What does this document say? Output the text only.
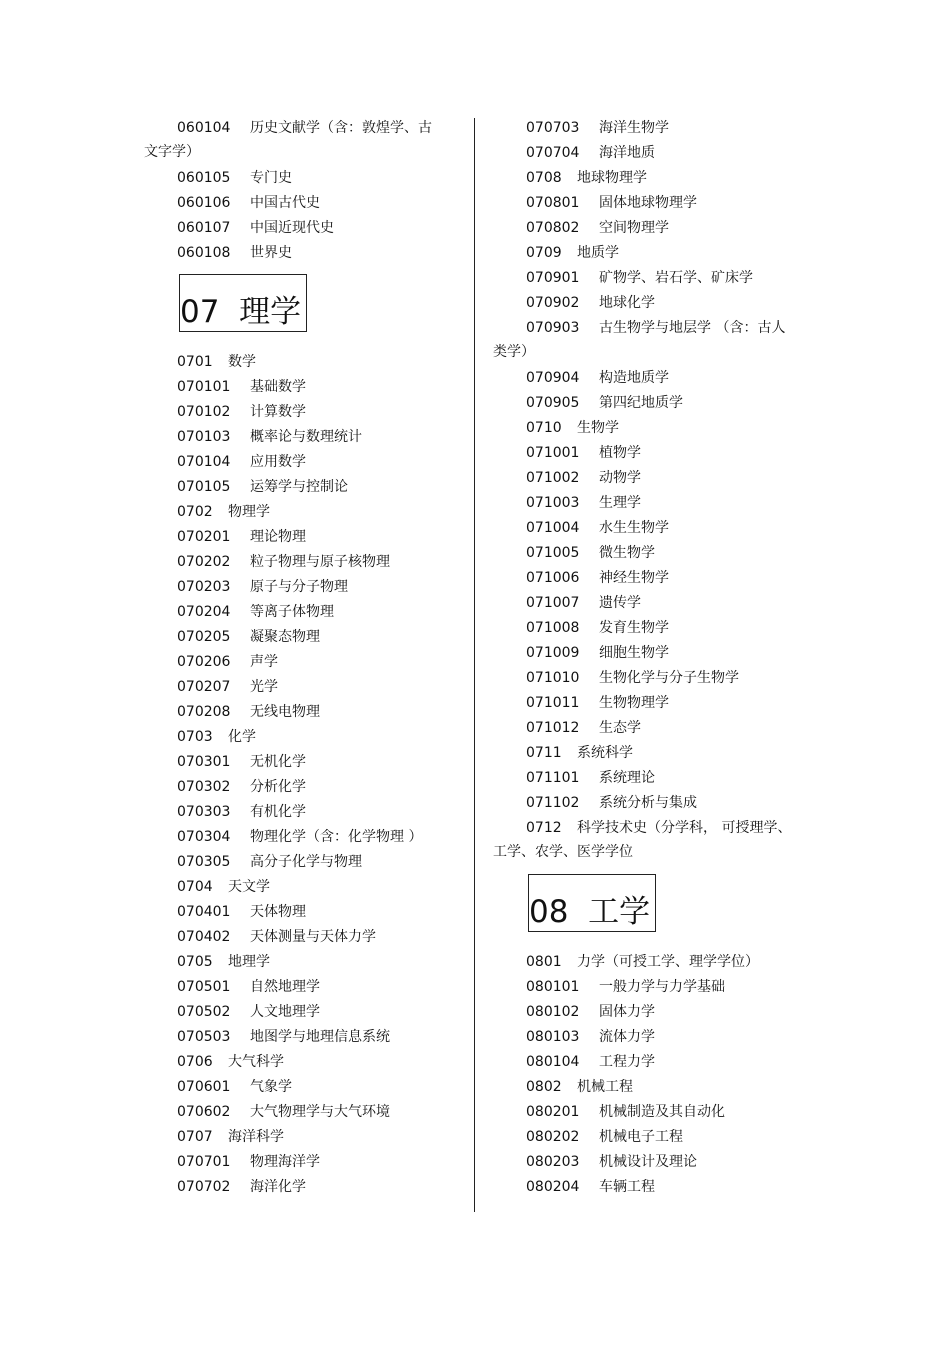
060104 历史文献学（含：敦煌学、古
文字学）
060105 专门史
060106 中国古代史
060107 中国近现代史
060108 世界史
07 理学
0701 数学
070101 基础数学
070102 计算数学
070103 概率论与数理统计
070104 应用数学
070105 运筹学与控制论
0702 物理学
070201 理论物理
070202 粒子物理与原子核物理
070203 原子与分子物理
070204 等离子体物理
070205 凝聚态物理
070206 声学
070207 光学
070208 无线电物理
0703 化学
070301 无机化学
070302 分析化学
070303 有机化学
070304 物理化学（含：化学物理 ）
070305 高分子化学与物理
0704 天文学
070401 天体物理
070402 天体测量与天体力学
0705 地理学
070501 自然地理学
070502 人文地理学
070503 地图学与地理信息系统
0706 大气科学
070601 气象学
070602 大气物理学与大气环境
0707 海洋科学
070701 物理海洋学
070702 海洋化学
070703 海洋生物学
070704 海洋地质
0708 地球物理学
070801 固体地球物理学
070802 空间物理学
0709 地质学
070901 矿物学、岩石学、矿床学
070902 地球化学
070903 古生物学与地层学 （含：古人
类学）
070904 构造地质学
070905 第四纪地质学
0710 生物学
071001 植物学
071002 动物学
071003 生理学
071004 水生生物学
071005 微生物学
071006 神经生物学
071007 遗传学
071008 发育生物学
071009 细胞生物学
071010 生物化学与分子生物学
071011 生物物理学
071012 生态学
0711 系统科学
071101 系统理论
071102 系统分析与集成
0712 科学技术史（分学科， 可授理学、
工学、农学、医学学位
08 工学
0801 力学（可授工学、理学学位）
080101 一般力学与力学基础
080102 固体力学
080103 流体力学
080104 工程力学
0802 机械工程
080201 机械制造及其自动化
080202 机械电子工程
080203 机械设计及理论
080204 车辆工程
